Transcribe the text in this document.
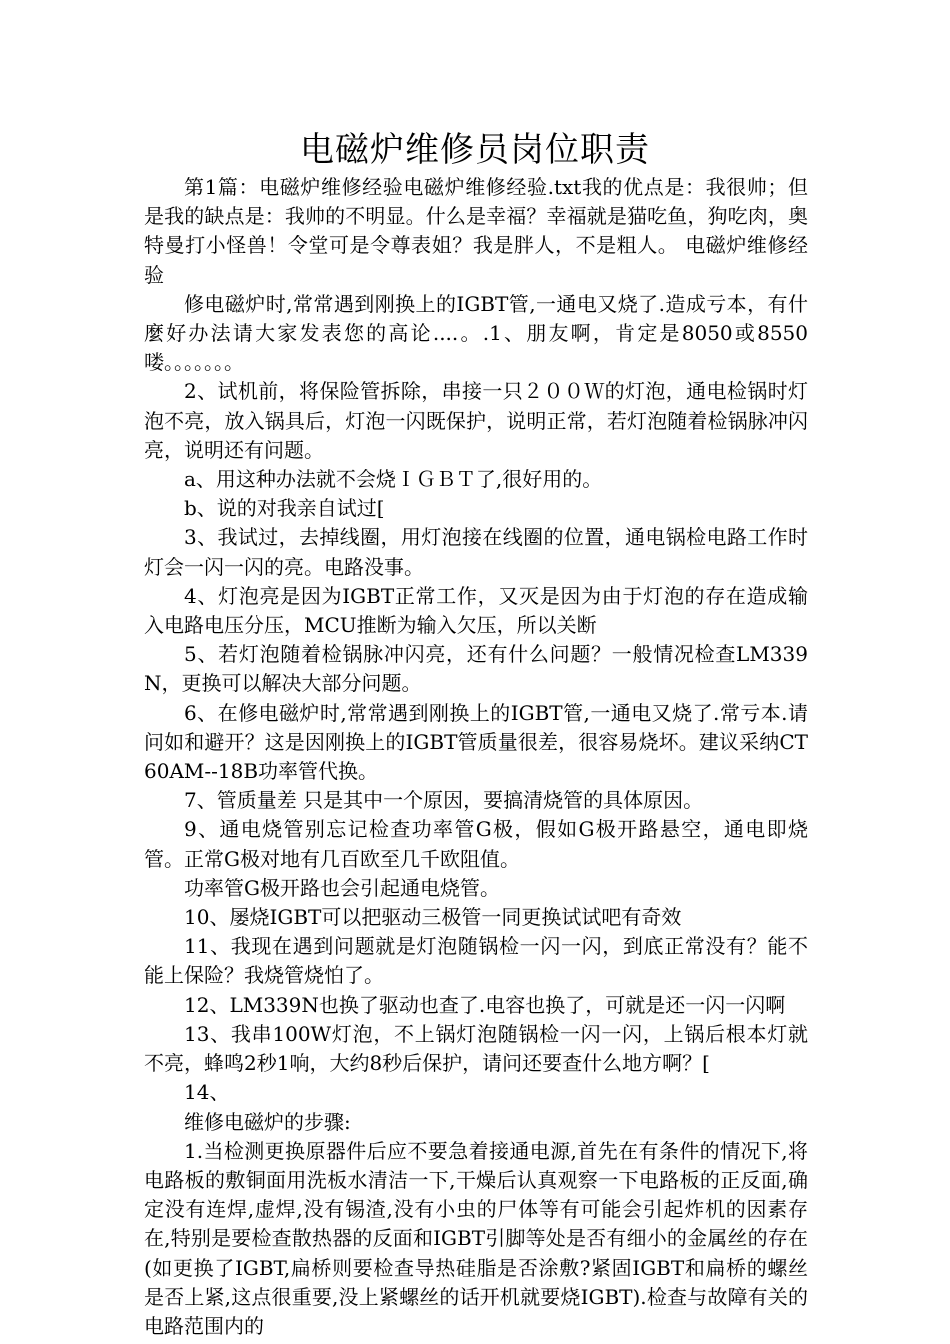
电磁炉维修员岗位职责

第1篇：电磁炉维修经验电磁炉维修经验.txt我的优点是：我很帅；但是我的缺点是：我帅的不明显。什么是幸福？幸福就是猫吃鱼，狗吃肉，奥特曼打小怪兽！令堂可是令尊表姐？我是胖人，不是粗人。 电磁炉维修经验

修电磁炉时,常常遇到刚换上的IGBT管,一通电又烧了.造成亏本，有什麼好办法请大家发表您的高论....。.1、朋友啊，肯定是8050或8550喽。。。。。。。

2、试机前，将保险管拆除，串接一只２００Ｗ的灯泡，通电检锅时灯泡不亮，放入锅具后，灯泡一闪既保护，说明正常，若灯泡随着检锅脉冲闪亮，说明还有问题。

a、用这种办法就不会烧ＩＧＢＴ了,很好用的。

b、说的对我亲自试过[

3、我试过，去掉线圈，用灯泡接在线圈的位置，通电锅检电路工作时灯会一闪一闪的亮。电路没事。

4、灯泡亮是因为IGBT正常工作，又灭是因为由于灯泡的存在造成输入电路电压分压，MCU推断为输入欠压，所以关断

5、若灯泡随着检锅脉冲闪亮，还有什么问题？一般情况检查LM339N，更换可以解决大部分问题。

6、在修电磁炉时,常常遇到刚换上的IGBT管,一通电又烧了.常亏本.请问如和避开？这是因刚换上的IGBT管质量很差，很容易烧坏。建议采纳CT60AM--18B功率管代换。

7、管质量差 只是其中一个原因，要搞清烧管的具体原因。

9、通电烧管别忘记检查功率管G极，假如G极开路悬空，通电即烧管。正常G极对地有几百欧至几千欧阻值。

功率管G极开路也会引起通电烧管。

10、屡烧IGBT可以把驱动三极管一同更换试试吧有奇效

11、我现在遇到问题就是灯泡随锅检一闪一闪，到底正常没有？能不能上保险？我烧管烧怕了。

12、LM339N也换了驱动也查了.电容也换了，可就是还一闪一闪啊

13、我串100W灯泡，不上锅灯泡随锅检一闪一闪，上锅后根本灯就不亮，蜂鸣2秒1响，大约8秒后保护，请问还要查什么地方啊？[

14、

维修电磁炉的步骤:

1.当检测更换原器件后应不要急着接通电源,首先在有条件的情况下,将电路板的敷铜面用洗板水清洁一下,干燥后认真观察一下电路板的正反面,确定没有连焊,虚焊,没有锡渣,没有小虫的尸体等有可能会引起炸机的因素存在,特别是要检查散热器的反面和IGBT引脚等处是否有细小的金属丝的存在(如更换了IGBT,扁桥则要检查导热硅脂是否涂敷?紧固IGBT和扁桥的螺丝是否上紧,这点很重要,没上紧螺丝的话开机就要烧IGBT).检查与故障有关的电路范围内的
